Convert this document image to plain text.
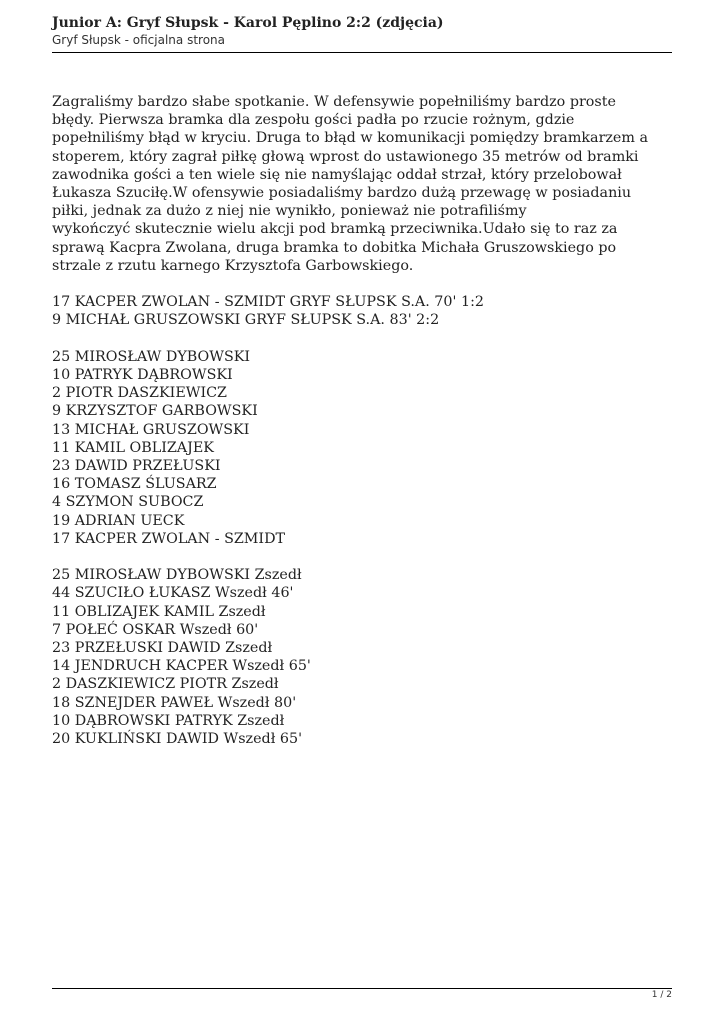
Junior A: Gryf Słupsk - Karol Pęplino 2:2 (zdjęcia)

Gryf Słupsk - oficjalna strona

Zagraliśmy bardzo słabe spotkanie. W defensywie popełniliśmy bardzo proste
błędy. Pierwsza bramka dla zespołu gości padła po rzucie rożnym, gdzie
popełniliśmy błąd w kryciu. Druga to błąd w komunikacji pomiędzy bramkarzem a
stoperem, który zagrał piłkę głową wprost do ustawionego 35 metrów od bramki
zawodnika gości a ten wiele się nie namyślając oddał strzał, który przelobował
Łukasza Szuciłę.W ofensywie posiadaliśmy bardzo dużą przewagę w posiadaniu
piłki, jednak za dużo z niej nie wynikło, ponieważ nie potrafiliśmy
wykończyć skutecznie wielu akcji pod bramką przeciwnika.Udało się to raz za
sprawą Kacpra Zwolana, druga bramka to dobitka Michała Gruszowskiego po
strzale z rzutu karnego Krzysztofa Garbowskiego.

17 KACPER ZWOLAN - SZMIDT GRYF SŁUPSK S.A. 70' 1:2
9 MICHAŁ GRUSZOWSKI GRYF SŁUPSK S.A. 83' 2:2
25 MIROSŁAW DYBOWSKI
10 PATRYK DĄBROWSKI
2 PIOTR DASZKIEWICZ
9 KRZYSZTOF GARBOWSKI
13 MICHAŁ GRUSZOWSKI
11 KAMIL OBLIZAJEK
23 DAWID PRZEŁUSKI
16 TOMASZ ŚLUSARZ
4 SZYMON SUBOCZ
19 ADRIAN UECK
17 KACPER ZWOLAN - SZMIDT
25 MIROSŁAW DYBOWSKI Zszedł
44 SZUCIŁO ŁUKASZ Wszedł 46'
11 OBLIZAJEK KAMIL Zszedł
7 POŁEĆ OSKAR Wszedł 60'
23 PRZEŁUSKI DAWID Zszedł
14 JENDRUCH KACPER Wszedł 65'
2 DASZKIEWICZ PIOTR Zszedł
18 SZNEJDER PAWEŁ Wszedł 80'
10 DĄBROWSKI PATRYK Zszedł
20 KUKLIŃSKI DAWID Wszedł 65'
1 / 2
